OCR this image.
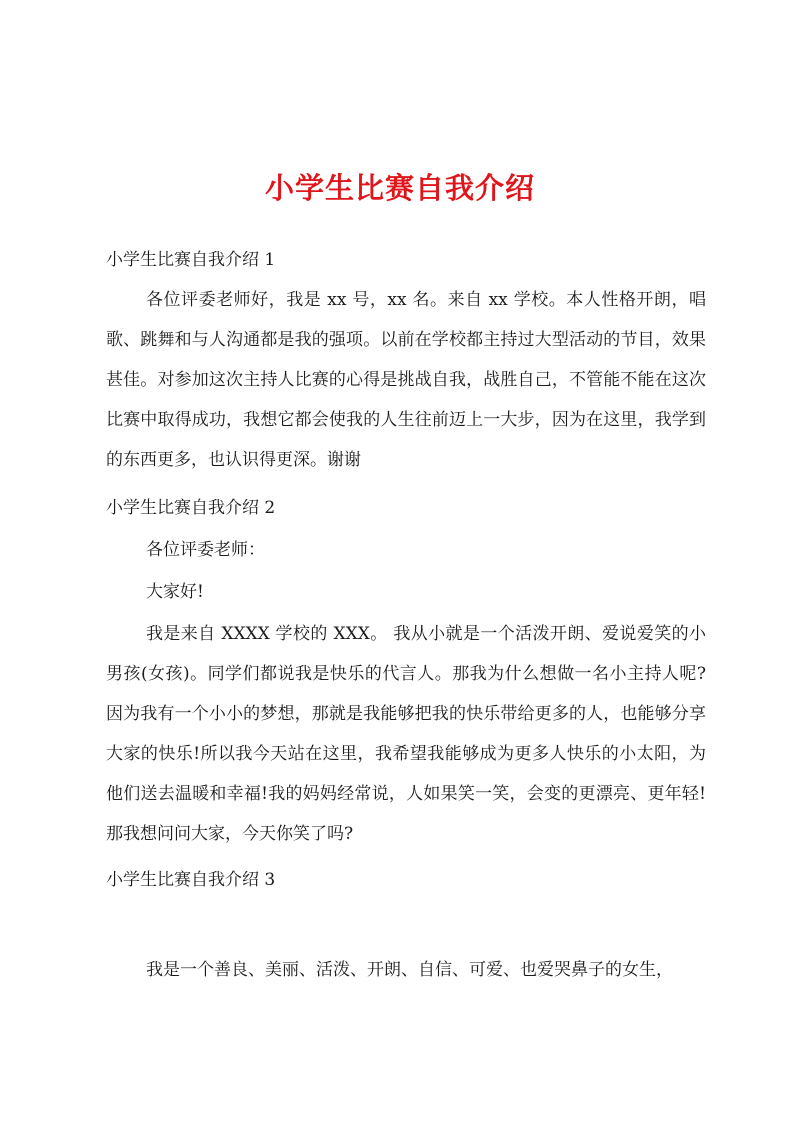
小学生比赛自我介绍
小学生比赛自我介绍 1

各位评委老师好，我是 xx 号，xx 名。来自 xx 学校。本人性格开朗，唱歌、跳舞和与人沟通都是我的强项。以前在学校都主持过大型活动的节目，效果甚佳。对参加这次主持人比赛的心得是挑战自我，战胜自己，不管能不能在这次比赛中取得成功，我想它都会使我的人生往前迈上一大步，因为在这里，我学到的东西更多，也认识得更深。谢谢

小学生比赛自我介绍 2

各位评委老师：

大家好!

我是来自 XXXX 学校的 XXX。 我从小就是一个活泼开朗、爱说爱笑的小男孩(女孩)。同学们都说我是快乐的代言人。那我为什么想做一名小主持人呢?因为我有一个小小的梦想，那就是我能够把我的快乐带给更多的人，也能够分享大家的快乐!所以我今天站在这里，我希望我能够成为更多人快乐的小太阳，为他们送去温暖和幸福!我的妈妈经常说，人如果笑一笑，会变的更漂亮、更年轻!那我想问问大家，今天你笑了吗?

小学生比赛自我介绍 3

我是一个善良、美丽、活泼、开朗、自信、可爱、也爱哭鼻子的女生，
